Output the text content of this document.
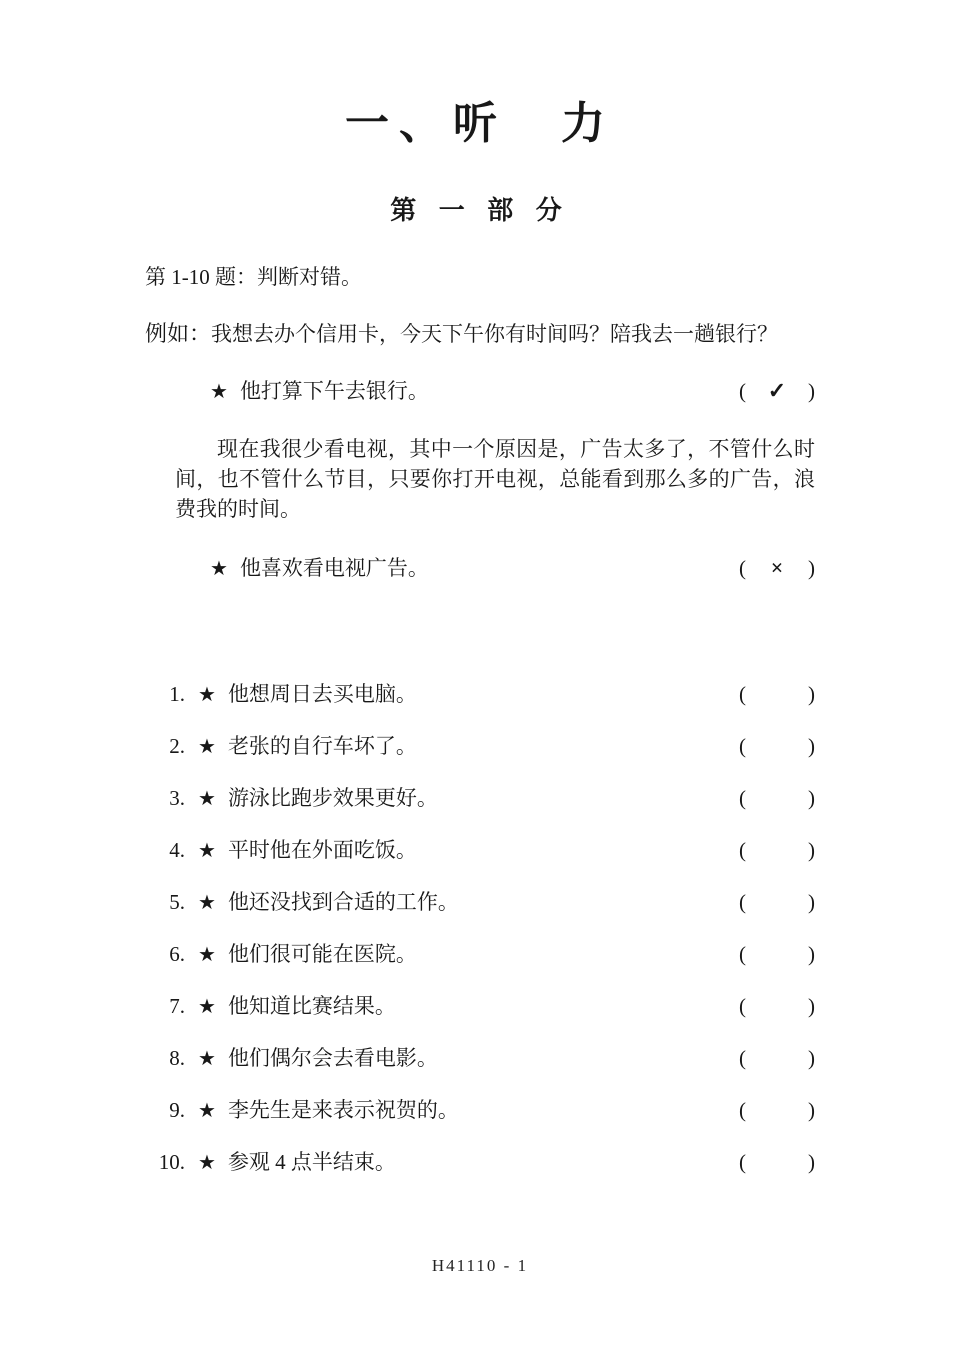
一、听　力
第 一 部 分
第 1-10 题：判断对错。
例如：我想去办个信用卡，今天下午你有时间吗？陪我去一趟银行？
★ 他打算下午去银行。	( ✓ )
现在我很少看电视，其中一个原因是，广告太多了，不管什么时间，也不管什么节目，只要你打开电视，总能看到那么多的广告，浪费我的时间。
★ 他喜欢看电视广告。	( × )
1. ★ 他想周日去买电脑。	(	)
2. ★ 老张的自行车坏了。	(	)
3. ★ 游泳比跑步效果更好。	(	)
4. ★ 平时他在外面吃饭。	(	)
5. ★ 他还没找到合适的工作。	(	)
6. ★ 他们很可能在医院。	(	)
7. ★ 他知道比赛结果。	(	)
8. ★ 他们偶尔会去看电影。	(	)
9. ★ 李先生是来表示祝贺的。	(	)
10. ★ 参观 4 点半结束。	(	)
H41110 - 1
